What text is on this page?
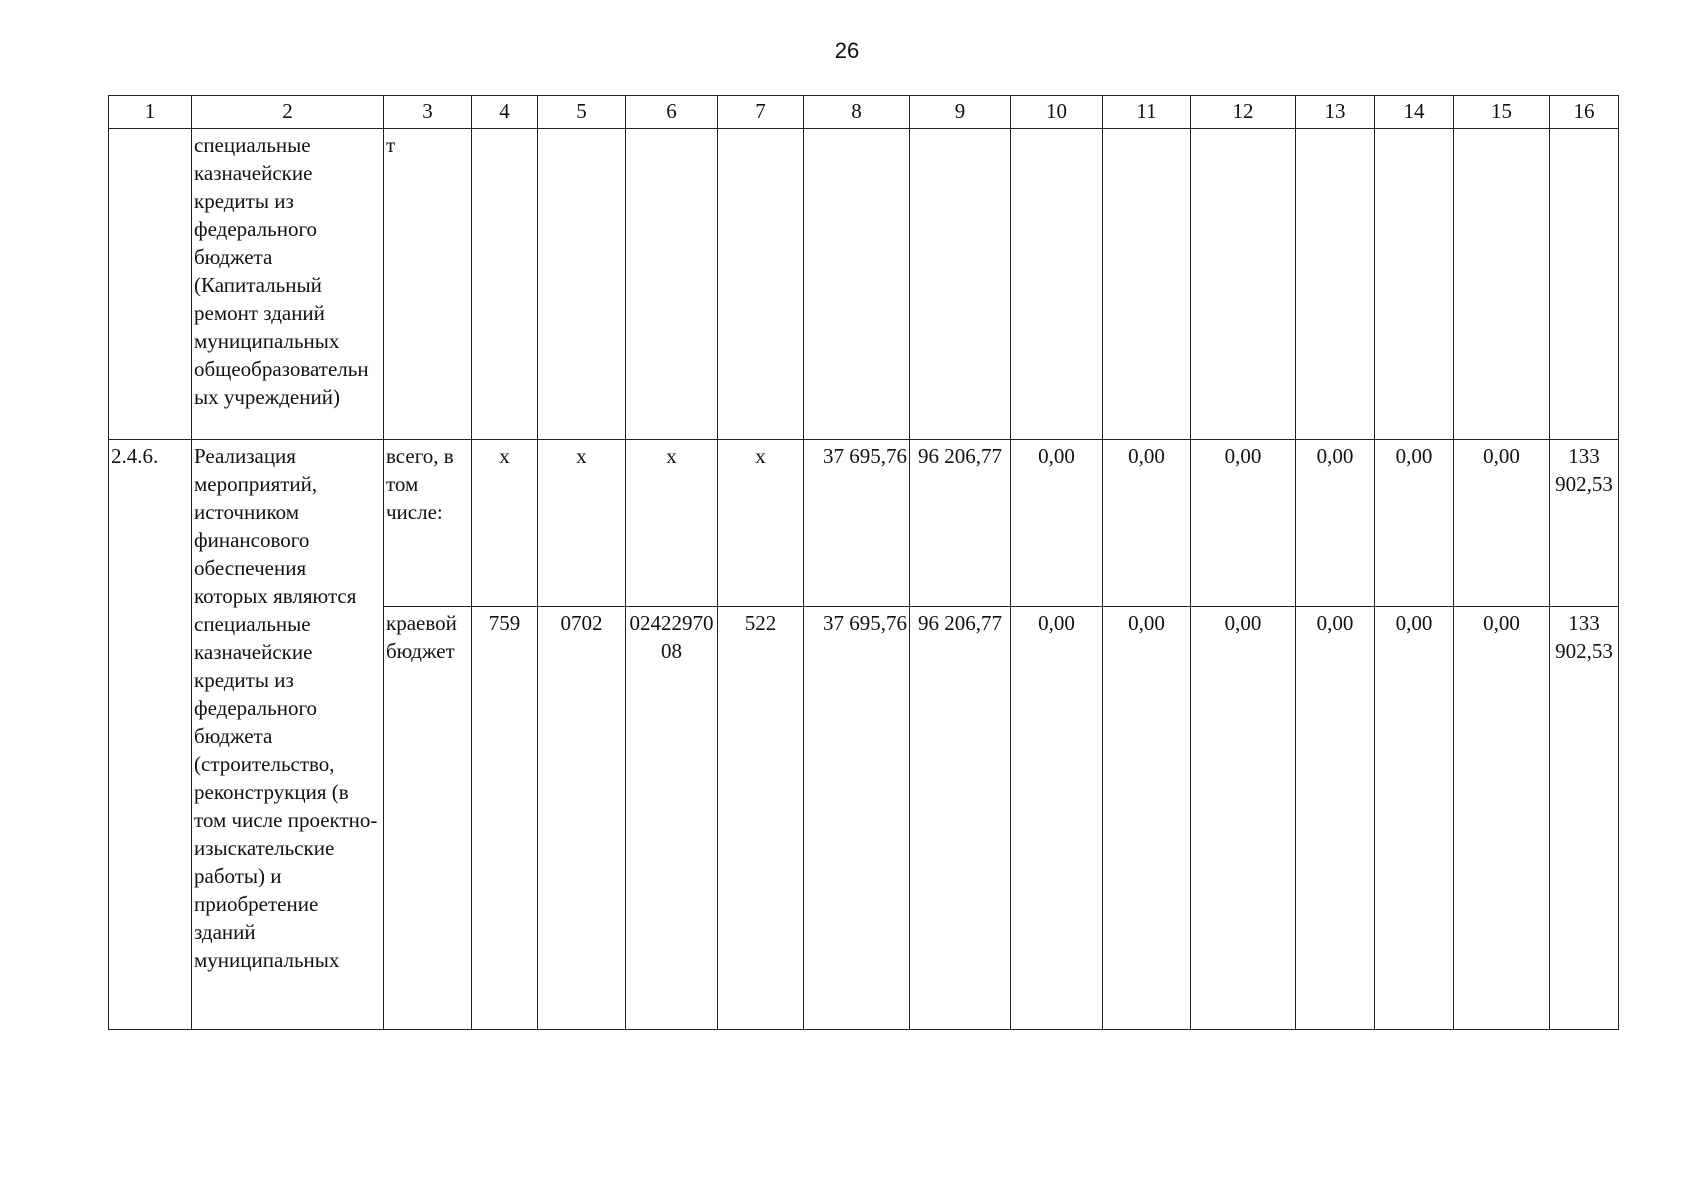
26
1	2	3	4	5	6	7	8	9	10	11	12	13	14	15	16
	специальные казначейские кредиты из федерального бюджета (Капитальный ремонт зданий муниципальных общеобразовательных учреждений)	т													
2.4.6.	Реализация мероприятий, источником финансового обеспечения которых являются специальные казначейские кредиты из федерального бюджета (строительство, реконструкция (в том числе проектно-изыскательские работы) и приобретение зданий муниципальных	всего, в том числе:	х	х	х	х	37 695,76	96 206,77	0,00	0,00	0,00	0,00	0,00	0,00	133 902,53
		краевой бюджет	759	0702	0242297008	522	37 695,76	96 206,77	0,00	0,00	0,00	0,00	0,00	0,00	133 902,53
